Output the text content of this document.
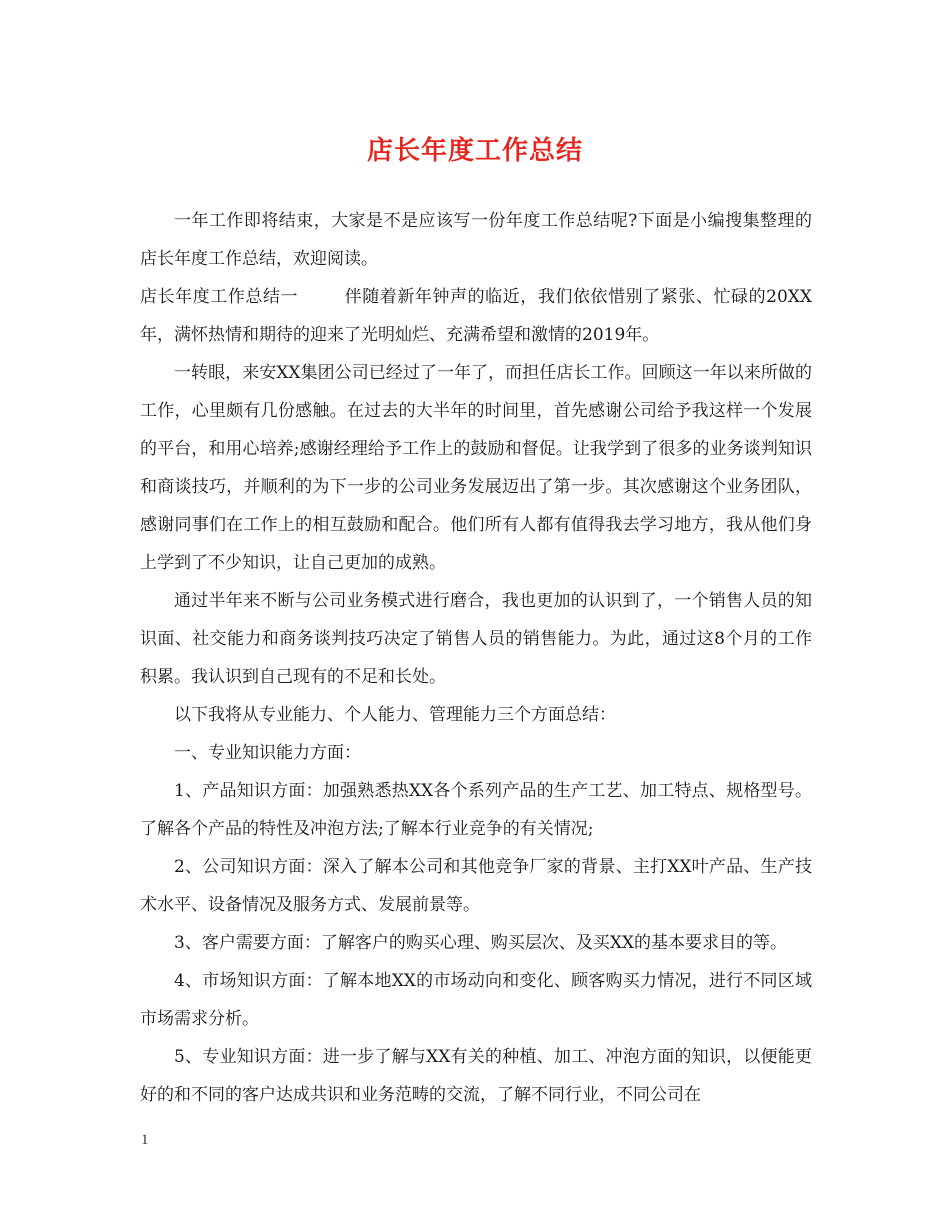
店长年度工作总结

一年工作即将结束，大家是不是应该写一份年度工作总结呢?下面是小编搜集整理的店长年度工作总结，欢迎阅读。

店长年度工作总结一	伴随着新年钟声的临近，我们依依惜别了紧张、忙碌的20XX年，满怀热情和期待的迎来了光明灿烂、充满希望和激情的2019年。

一转眼，来安XX集团公司已经过了一年了，而担任店长工作。回顾这一年以来所做的工作，心里颇有几份感触。在过去的大半年的时间里，首先感谢公司给予我这样一个发展的平台，和用心培养;感谢经理给予工作上的鼓励和督促。让我学到了很多的业务谈判知识和商谈技巧，并顺利的为下一步的公司业务发展迈出了第一步。其次感谢这个业务团队，感谢同事们在工作上的相互鼓励和配合。他们所有人都有值得我去学习地方，我从他们身上学到了不少知识，让自己更加的成熟。

通过半年来不断与公司业务模式进行磨合，我也更加的认识到了，一个销售人员的知识面、社交能力和商务谈判技巧决定了销售人员的销售能力。为此，通过这8个月的工作积累。我认识到自己现有的不足和长处。

以下我将从专业能力、个人能力、管理能力三个方面总结：

一、专业知识能力方面：

1、产品知识方面：加强熟悉热XX各个系列产品的生产工艺、加工特点、规格型号。了解各个产品的特性及冲泡方法;了解本行业竞争的有关情况;

2、公司知识方面：深入了解本公司和其他竞争厂家的背景、主打XX叶产品、生产技术水平、设备情况及服务方式、发展前景等。

3、客户需要方面：了解客户的购买心理、购买层次、及买XX的基本要求目的等。

4、市场知识方面：了解本地XX的市场动向和变化、顾客购买力情况，进行不同区域市场需求分析。

5、专业知识方面：进一步了解与XX有关的种植、加工、冲泡方面的知识，以便能更好的和不同的客户达成共识和业务范畴的交流，了解不同行业，不同公司在

1
